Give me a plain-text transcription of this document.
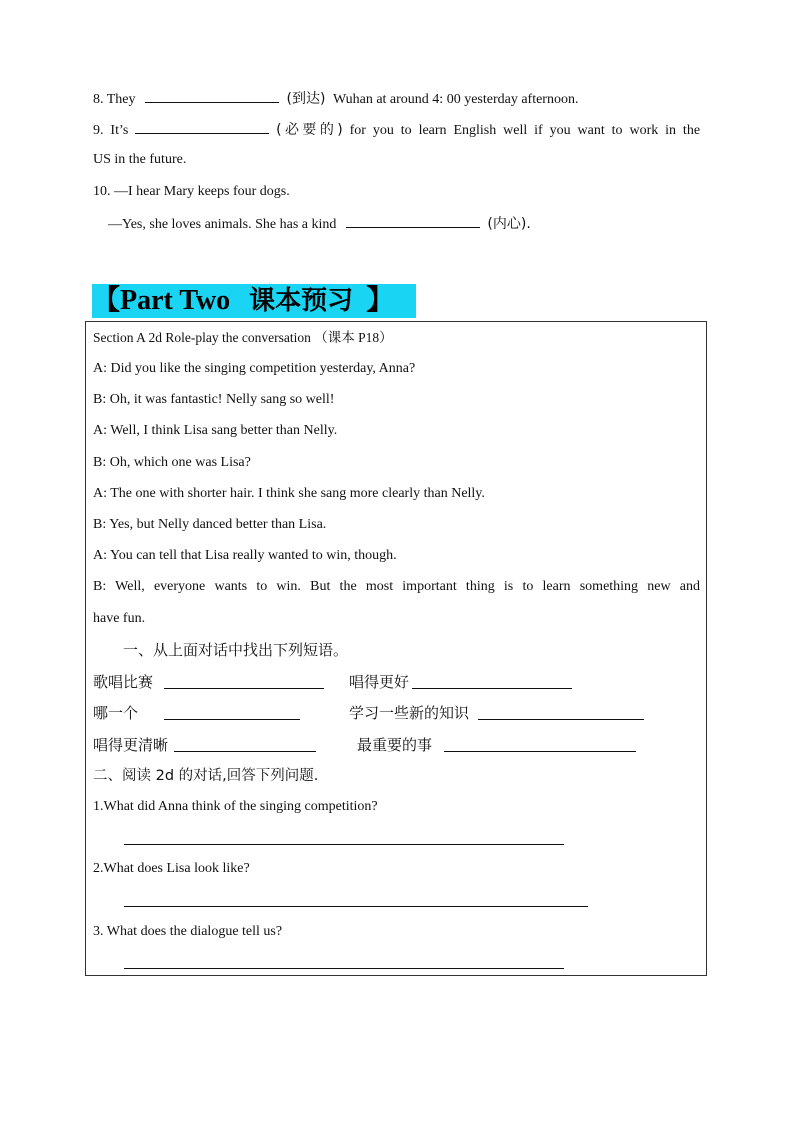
8. They	(到达) Wuhan at around 4: 00 yesterday afternoon.
9. It’s	(必要的) for you to learn English well if you want to work in the
US in the future.
10. —I hear Mary keeps four dogs.
—Yes, she loves animals. She has a kind	(内心).
【Part Two 课本预习 】
Section A 2d Role-play the conversation （课本 P18）
A: Did you like the singing competition yesterday, Anna?
B: Oh, it was fantastic! Nelly sang so well!
A: Well, I think Lisa sang better than Nelly.
B: Oh, which one was Lisa?
A: The one with shorter hair. I think she sang more clearly than Nelly.
B: Yes, but Nelly danced better than Lisa.
A: You can tell that Lisa really wanted to win, though.
B: Well, everyone wants to win. But the most important thing is to learn something new and
have fun.
一、从上面对话中找出下列短语。
歌唱比赛	唱得更好
哪一个	学习一些新的知识
唱得更清晰	最重要的事
二、阅读 2d 的对话,回答下列问题.
1.What did Anna think of the singing competition?
2.What does Lisa look like?
3. What does the dialogue tell us?
